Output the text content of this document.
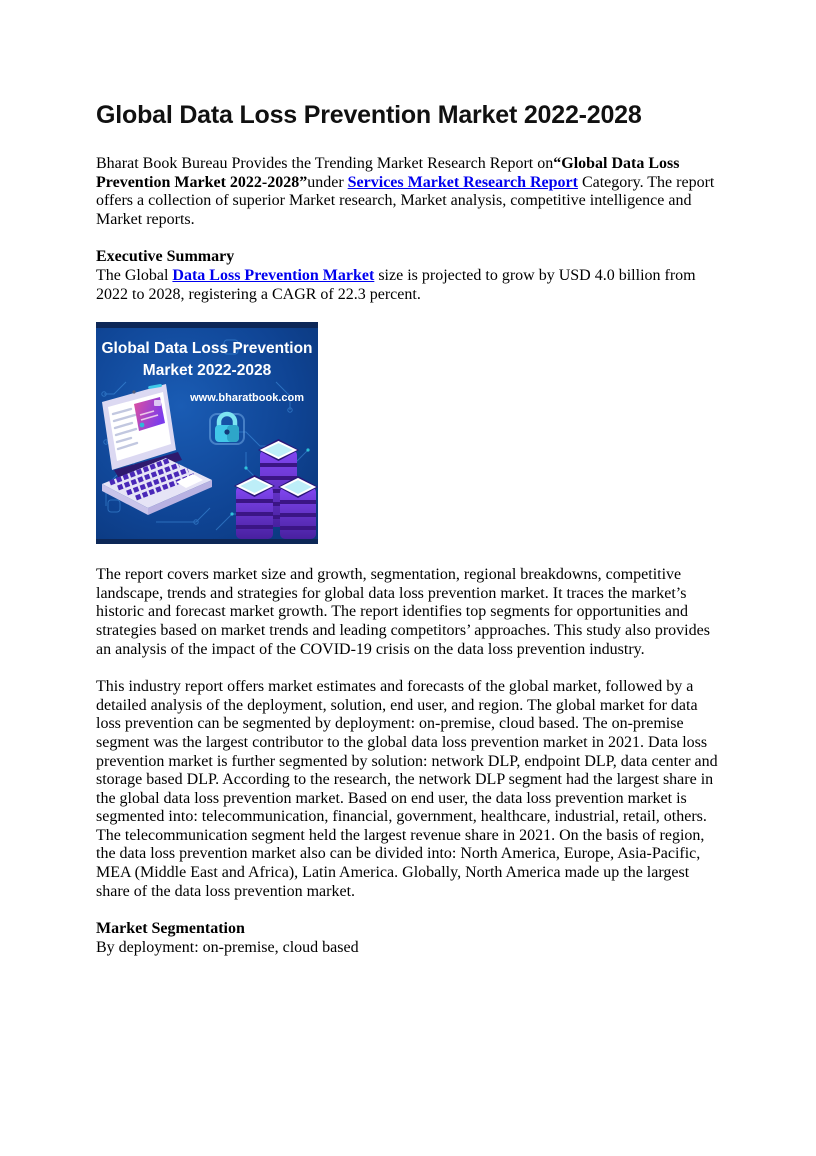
Global Data Loss Prevention Market 2022-2028

Bharat Book Bureau Provides the Trending Market Research Report on“Global Data Loss Prevention Market 2022-2028”under Services Market Research Report Category. The report offers a collection of superior Market research, Market analysis, competitive intelligence and Market reports.

Executive Summary

The Global Data Loss Prevention Market size is projected to grow by USD 4.0 billion from 2022 to 2028, registering a CAGR of 22.3 percent.

Global Data Loss Prevention
Market 2022-2028
www.bharatbook.com

The report covers market size and growth, segmentation, regional breakdowns, competitive landscape, trends and strategies for global data loss prevention market. It traces the market’s historic and forecast market growth. The report identifies top segments for opportunities and strategies based on market trends and leading competitors’ approaches. This study also provides an analysis of the impact of the COVID-19 crisis on the data loss prevention industry.

This industry report offers market estimates and forecasts of the global market, followed by a detailed analysis of the deployment, solution, end user, and region. The global market for data loss prevention can be segmented by deployment: on-premise, cloud based. The on-premise segment was the largest contributor to the global data loss prevention market in 2021. Data loss prevention market is further segmented by solution: network DLP, endpoint DLP, data center and storage based DLP. According to the research, the network DLP segment had the largest share in the global data loss prevention market. Based on end user, the data loss prevention market is segmented into: telecommunication, financial, government, healthcare, industrial, retail, others. The telecommunication segment held the largest revenue share in 2021. On the basis of region, the data loss prevention market also can be divided into: North America, Europe, Asia-Pacific, MEA (Middle East and Africa), Latin America. Globally, North America made up the largest share of the data loss prevention market.

Market Segmentation

By deployment: on-premise, cloud based
